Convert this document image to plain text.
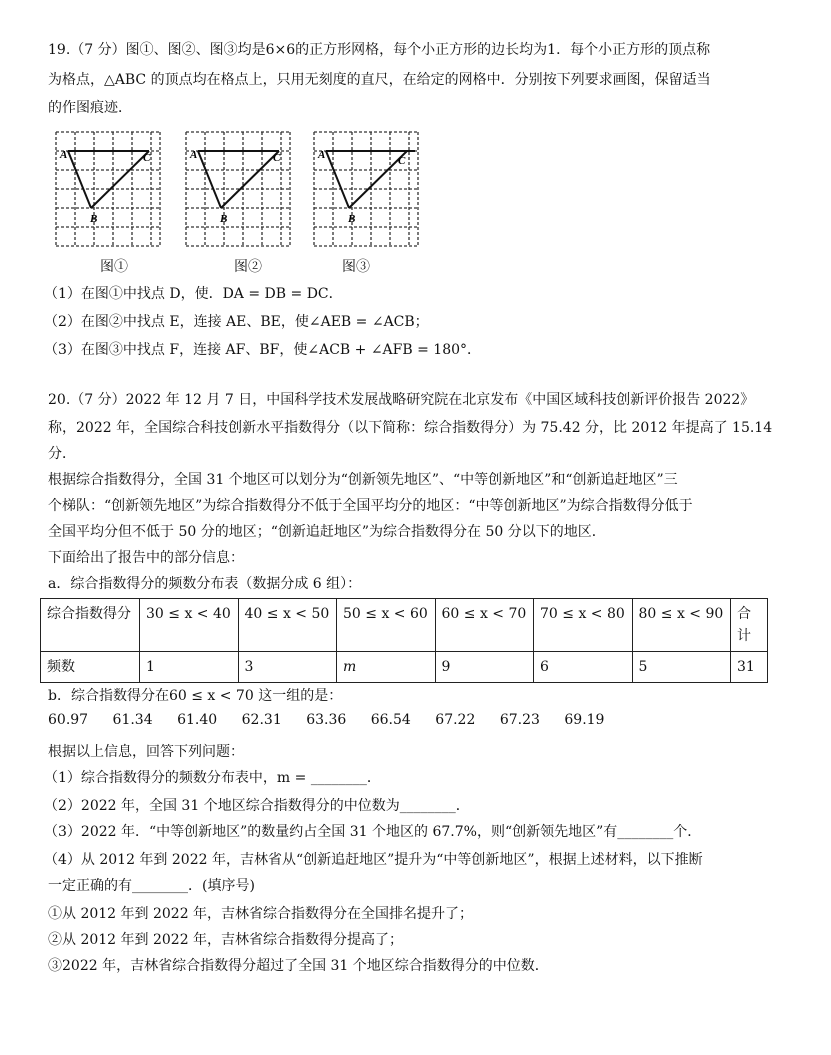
19.（7 分）图①、图②、图③均是6×6的正方形网格，每个小正方形的边长均为1．每个小正方形的顶点称
为格点，△ABC 的顶点均在格点上，只用无刻度的直尺，在给定的网格中．分别按下列要求画图，保留适当
的作图痕迹．
A
B
C
图①
A
B
C
图②
A
B
C
图③
（1）在图①中找点 D，使．DA = DB = DC．
（2）在图②中找点 E，连接 AE、BE，使∠AEB = ∠ACB；
（3）在图③中找点 F，连接 AF、BF，使∠ACB + ∠AFB = 180°．
20.（7 分）2022 年 12 月 7 日，中国科学技术发展战略研究院在北京发布《中国区域科技创新评价报告 2022》
称，2022 年，全国综合科技创新水平指数得分（以下简称：综合指数得分）为 75.42 分，比 2012 年提高了 15.14
分．
根据综合指数得分，全国 31 个地区可以划分为“创新领先地区”、“中等创新地区”和“创新追赶地区”三
个梯队：“创新领先地区”为综合指数得分不低于全国平均分的地区：“中等创新地区”为综合指数得分低于
全国平均分但不低于 50 分的地区；“创新追赶地区”为综合指数得分在 50 分以下的地区．
下面给出了报告中的部分信息：
a．综合指数得分的频数分布表（数据分成 6 组）：
综合指数得分	30 ≤ x < 40	40 ≤ x < 50	50 ≤ x < 60	60 ≤ x < 70	70 ≤ x < 80	80 ≤ x < 90	合计
频数	1	3	m	9	6	5	31
b．综合指数得分在60 ≤ x < 70 这一组的是：
60.97 61.34 61.40 62.31 63.36 66.54 67.22 67.23 69.19
根据以上信息，回答下列问题：
（1）综合指数得分的频数分布表中，m = ________．
（2）2022 年，全国 31 个地区综合指数得分的中位数为________．
（3）2022 年．“中等创新地区”的数量约占全国 31 个地区的 67.7%，则“创新领先地区”有________个．
（4）从 2012 年到 2022 年，吉林省从“创新追赶地区”提升为“中等创新地区”，根据上述材料，以下推断
一定正确的有________．(填序号)
①从 2012 年到 2022 年，吉林省综合指数得分在全国排名提升了；
②从 2012 年到 2022 年，吉林省综合指数得分提高了；
③2022 年，吉林省综合指数得分超过了全国 31 个地区综合指数得分的中位数．
